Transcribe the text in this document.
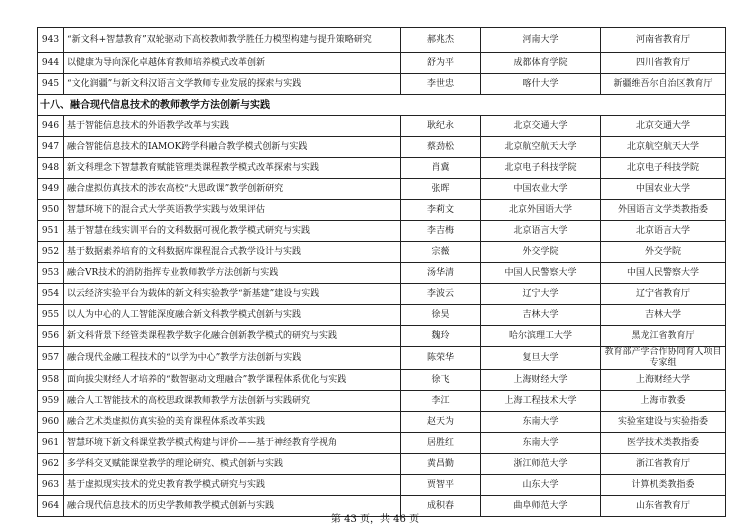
943	“新文科+智慧教育”双轮驱动下高校教师教学胜任力模型构建与提升策略研究	郝兆杰	河南大学	河南省教育厅
944	以健康为导向深化卓越体育教师培养模式改革创新	舒为平	成都体育学院	四川省教育厅
945	“文化润疆”与新文科汉语言文学教师专业发展的探索与实践	李世忠	喀什大学	新疆维吾尔自治区教育厅
十八、融合现代信息技术的教师教学方法创新与实践				
946	基于智能信息技术的外语教学改革与实践	耿纪永	北京交通大学	北京交通大学
947	融合智能信息技术的IAMOK跨学科融合教学模式创新与实践	蔡劲松	北京航空航天大学	北京航空航天大学
948	新文科理念下智慧教育赋能管理类课程教学模式改革探索与实践	肖冀	北京电子科技学院	北京电子科技学院
949	融合虚拟仿真技术的涉农高校“大思政课”教学创新研究	张晖	中国农业大学	中国农业大学
950	智慧环境下的混合式大学英语教学实践与效果评估	李莉文	北京外国语大学	外国语言文学类教指委
951	基于智慧在线实训平台的文科数据可视化教学模式研究与实践	李吉梅	北京语言大学	北京语言大学
952	基于数据素养培育的文科数据库课程混合式教学设计与实践	宗薇	外交学院	外交学院
953	融合VR技术的消防指挥专业教师教学方法创新与实践	汤华清	中国人民警察大学	中国人民警察大学
954	以云经济实验平台为载体的新文科实验教学“新基建”建设与实践	李波云	辽宁大学	辽宁省教育厅
955	以人为中心的人工智能深度融合新文科教学模式创新与实践	徐昊	吉林大学	吉林大学
956	新文科背景下经管类课程教学数字化融合创新教学模式的研究与实践	魏玲	哈尔滨理工大学	黑龙江省教育厅
957	融合现代金融工程技术的“以学为中心”教学方法创新与实践	陈荣华	复旦大学	教育部产学合作协同育人项目专家组
958	面向拔尖财经人才培养的“数智驱动文理融合”教学课程体系优化与实践	徐飞	上海财经大学	上海财经大学
959	融合人工智能技术的高校思政课教师教学方法创新与实践研究	李江	上海工程技术大学	上海市教委
960	融合艺术类虚拟仿真实验的美育课程体系改革实践	赵天为	东南大学	实验室建设与实验指委
961	智慧环境下新文科课堂教学模式构建与评价——基于神经教育学视角	居胜红	东南大学	医学技术类教指委
962	多学科交叉赋能课堂教学的理论研究、模式创新与实践	黄昌勤	浙江师范大学	浙江省教育厅
963	基于虚拟现实技术的党史教育教学模式研究与实践	贾智平	山东大学	计算机类教指委
964	融合现代信息技术的历史学教师教学模式创新与实践	成积春	曲阜师范大学	山东省教育厅
第 43 页，共 46 页
